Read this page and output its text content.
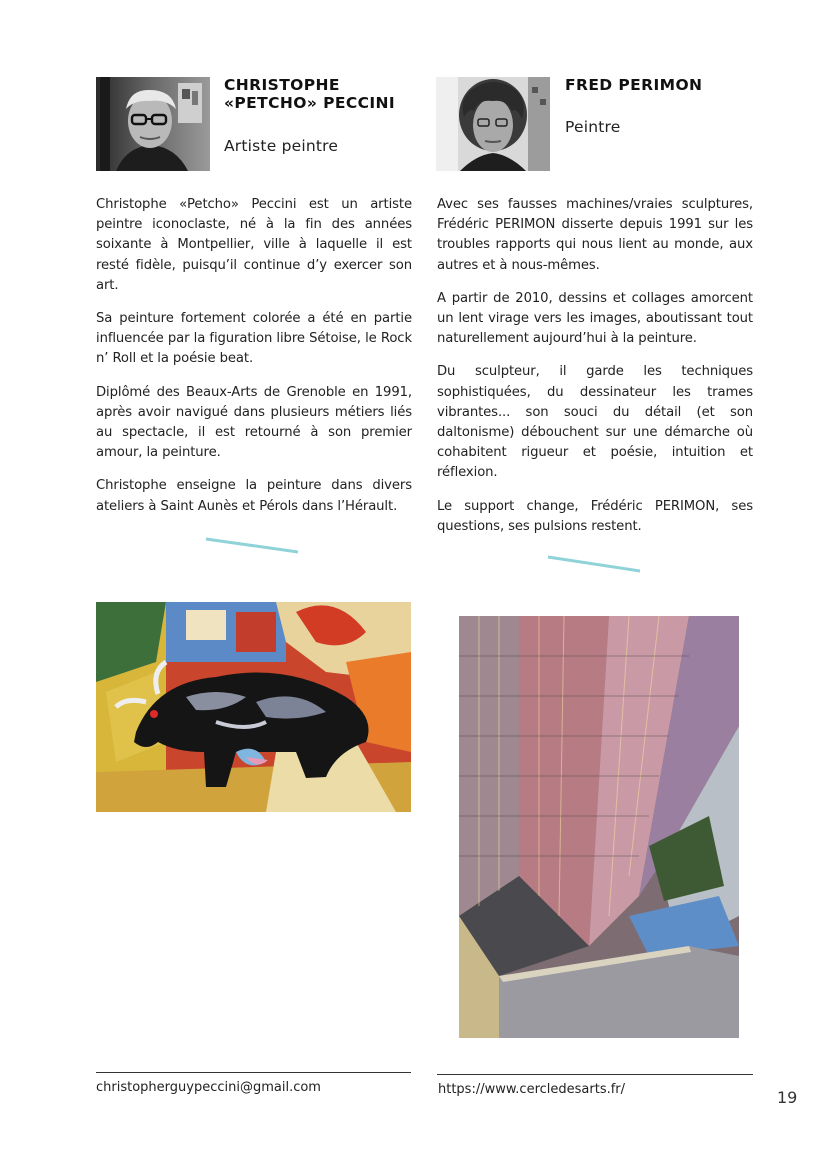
CHRISTOPHE

«PETCHO» PECCINI

Artiste peintre

Christophe «Petcho» Peccini est un artiste peintre iconoclaste, né à la fin des années soixante à Montpellier, ville à laquelle il est resté fidèle, puisqu’il continue d’y exercer son art.

Sa peinture fortement colorée a été en partie influencée par la figuration libre Sétoise, le Rock n’ Roll et la poésie beat.

Diplômé des Beaux-Arts de Grenoble en 1991, après avoir navigué dans plusieurs métiers liés au spectacle, il est retourné à son premier amour, la peinture.

Christophe enseigne la peinture dans divers ateliers à Saint Aunès et Pérols dans l’Hérault.

christopherguypeccini@gmail.com

FRED PERIMON

Peintre

Avec ses fausses machines/vraies sculptures, Frédéric PERIMON disserte depuis 1991 sur les troubles rapports qui nous lient au monde, aux autres et à nous-mêmes.

A partir de 2010, dessins et collages amorcent un lent virage vers les images, aboutissant tout naturellement aujourd’hui à la peinture.

Du sculpteur, il garde les techniques sophistiquées, du dessinateur les trames vibrantes... son souci du détail (et son daltonisme) débouchent sur une démarche où cohabitent rigueur et poésie, intuition et réflexion.

Le support change, Frédéric PERIMON, ses questions, ses pulsions restent.

https://www.cercledesarts.fr/	19
